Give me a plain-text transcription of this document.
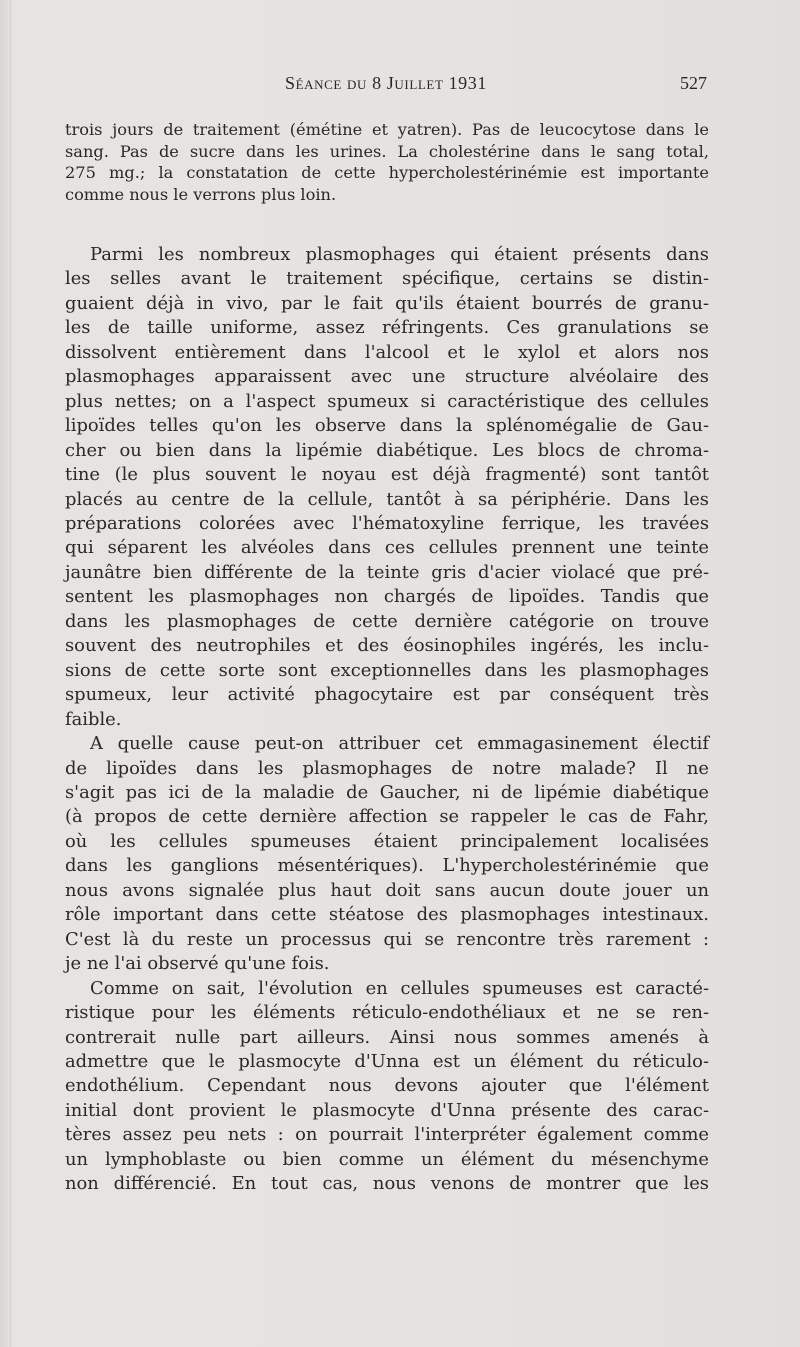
Séance du 8 Juillet 1931	527
trois jours de traitement (émétine et yatren). Pas de leucocytose dans le
sang. Pas de sucre dans les urines. La cholestérine dans le sang total,
275 mg.; la constatation de cette hypercholestérinémie est importante
comme nous le verrons plus loin.
Parmi les nombreux plasmophages qui étaient présents dans
les selles avant le traitement spécifique, certains se distin-
guaient déjà in vivo, par le fait qu'ils étaient bourrés de granu-
les de taille uniforme, assez réfringents. Ces granulations se
dissolvent entièrement dans l'alcool et le xylol et alors nos
plasmophages apparaissent avec une structure alvéolaire des
plus nettes; on a l'aspect spumeux si caractéristique des cellules
lipoïdes telles qu'on les observe dans la splénomégalie de Gau-
cher ou bien dans la lipémie diabétique. Les blocs de chroma-
tine (le plus souvent le noyau est déjà fragmenté) sont tantôt
placés au centre de la cellule, tantôt à sa périphérie. Dans les
préparations colorées avec l'hématoxyline ferrique, les travées
qui séparent les alvéoles dans ces cellules prennent une teinte
jaunâtre bien différente de la teinte gris d'acier violacé que pré-
sentent les plasmophages non chargés de lipoïdes. Tandis que
dans les plasmophages de cette dernière catégorie on trouve
souvent des neutrophiles et des éosinophiles ingérés, les inclu-
sions de cette sorte sont exceptionnelles dans les plasmophages
spumeux, leur activité phagocytaire est par conséquent très
faible.
A quelle cause peut-on attribuer cet emmagasinement électif
de lipoïdes dans les plasmophages de notre malade? Il ne
s'agit pas ici de la maladie de Gaucher, ni de lipémie diabétique
(à propos de cette dernière affection se rappeler le cas de Fahr,
où les cellules spumeuses étaient principalement localisées
dans les ganglions mésentériques). L'hypercholestérinémie que
nous avons signalée plus haut doit sans aucun doute jouer un
rôle important dans cette stéatose des plasmophages intestinaux.
C'est là du reste un processus qui se rencontre très rarement :
je ne l'ai observé qu'une fois.
Comme on sait, l'évolution en cellules spumeuses est caracté-
ristique pour les éléments réticulo-endothéliaux et ne se ren-
contrerait nulle part ailleurs. Ainsi nous sommes amenés à
admettre que le plasmocyte d'Unna est un élément du réticulo-
endothélium. Cependant nous devons ajouter que l'élément
initial dont provient le plasmocyte d'Unna présente des carac-
tères assez peu nets : on pourrait l'interpréter également comme
un lymphoblaste ou bien comme un élément du mésenchyme
non différencié. En tout cas, nous venons de montrer que les
